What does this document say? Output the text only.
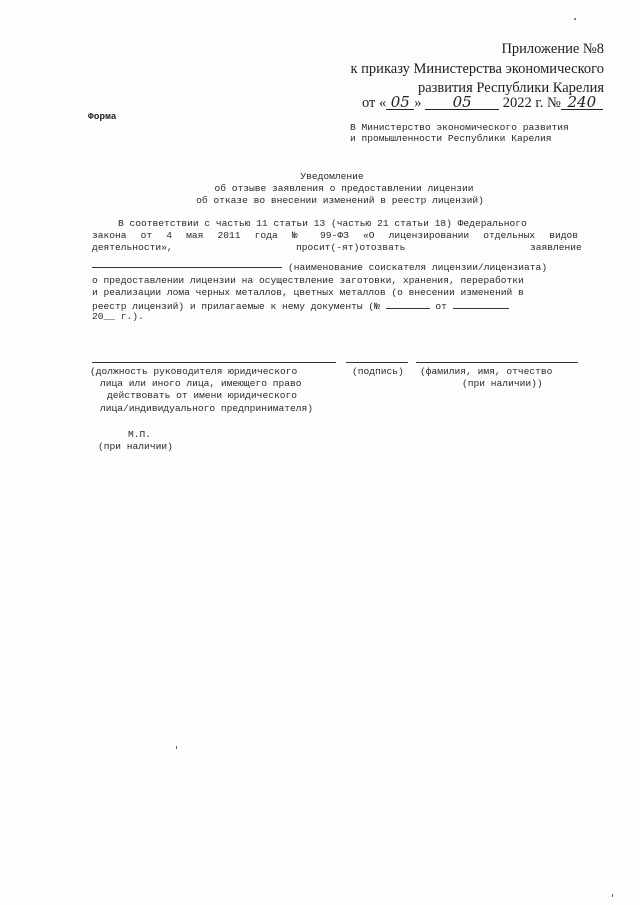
Приложение №8
к приказу Министерства экономического
развития Республики Карелия
от « 05 » 05 2022 г. № 240
Форма
В Министерство экономического развития
и промышленности Республики Карелия
Уведомление
об отзыве заявления о предоставлении лицензии
об отказе во внесении изменений в реестр лицензий)
В соответствии с частью 11 статьи 13 (частью 21 статьи 18) Федерального
закона от 4 мая 2011 года № 99-ФЗ «О лицензировании отдельных видов
деятельности»,	просит(-ят)отозвать	заявление
(наименование соискателя лицензии/лицензиата)
о предоставлении лицензии на осуществление заготовки, хранения, переработки
и реализации лома черных металлов, цветных металлов (о внесении изменений в
реестр лицензий) и прилагаемые к нему документы (№	от
20__ г.).
(должность руководителя юридического
лица или иного лица, имеющего право
действовать от имени юридического
лица/индивидуального предпринимателя)
(подпись) (фамилия, имя, отчество
(при наличии))
М.П.
(при наличии)
